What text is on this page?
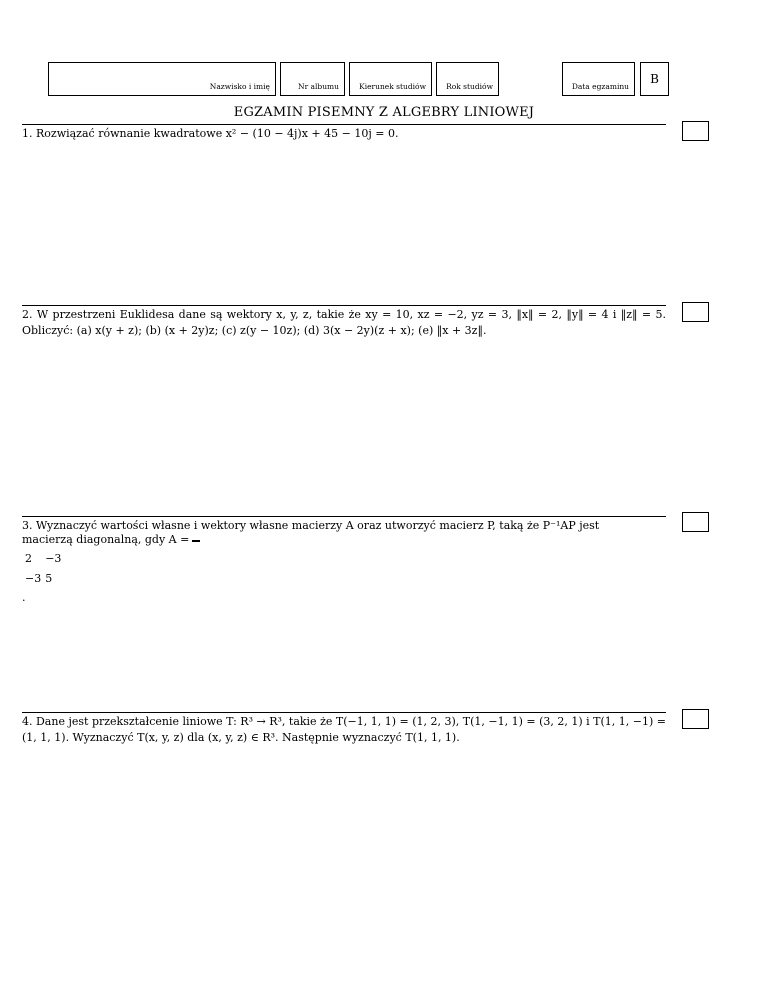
Nazwisko i imię	Nr albumu	Kierunek studiów	Rok studiów	Data egzaminu
B
EGZAMIN PISEMNY Z ALGEBRY LINIOWEJ

1. Rozwiązać równanie kwadratowe x² − (10 − 4j)x + 45 − 10j = 0.

2. W przestrzeni Euklidesa dane są wektory x, y, z, takie że xy = 10, xz = −2, yz = 3, ‖x‖ = 2, ‖y‖ = 4 i ‖z‖ = 5. Obliczyć: (a) x(y + z); (b) (x + 2y)z; (c) z(y − 10z); (d) 3(x − 2y)(z + x); (e) ‖x + 3z‖.

3. Wyznaczyć wartości własne i wektory własne macierzy A oraz utworzyć macierz P, taką że P⁻¹AP jest

macierzą diagonalną, gdy A =

2	−3
−3	5
.

4. Dane jest przekształcenie liniowe T: R³ → R³, takie że T(−1, 1, 1) = (1, 2, 3), T(1, −1, 1) = (3, 2, 1) i T(1, 1, −1) = (1, 1, 1). Wyznaczyć T(x, y, z) dla (x, y, z) ∈ R³. Następnie wyznaczyć T(1, 1, 1).
